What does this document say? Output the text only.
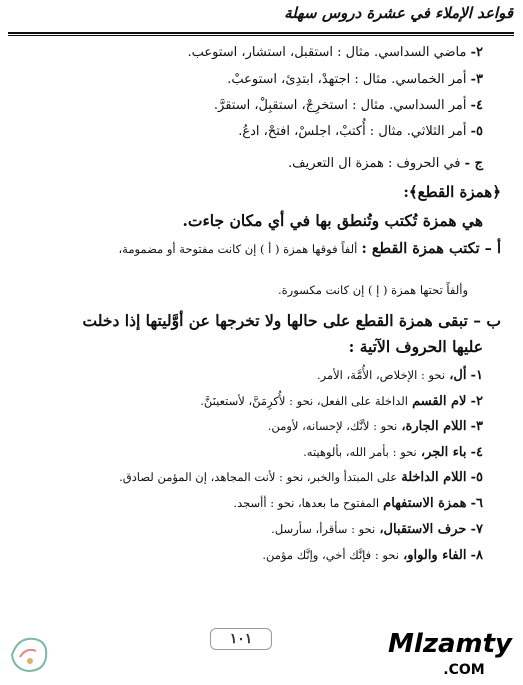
قواعد الإملاء في عشرة دروس سهلة
٢- ماضي السداسي. مثال : استقبل، استشار، استوعب.
٣- أمر الخماسي. مثال : اجتهدْ، ابتدِئ، استوعبْ.
٤- أمر السداسي. مثال : استخرِجْ، استقبِلْ، استقرَّ.
٥- أمر الثلاثي. مثال : أُكتبْ، اجلسْ، افتحْ، ادعُ.
ج - في الحروف : همزة ال التعريف.
﴿همزة القطع﴾:
هي همزة تُكتب وتُنطق بها في أي مكان جاءت.
أ – تكتب همزة القطع : ألفاً فوقها همزة ( أ ) إن كانت مفتوحة أو مضمومة،
وألفاً تحتها همزة ( إ ) إن كانت مكسورة.
ب – تبقى همزة القطع على حالها ولا تخرجها عن أوَّليتها إذا دخلت
عليها الحروف الآتية :
١- أل، نحو : الإخلاص، الأُمَّة، الأمر.
٢- لام القسم الداخلة على الفعل، نحو : لأُكرِمَنَّ، لأستعينَنَّ.
٣- اللام الجارة، نحو : لأنَّك، لإحسانه، لأومن.
٤- باء الجر، نحو : بأمر الله، بألوهيته.
٥- اللام الداخلة على المبتدأ والخبر، نحو : لأنت المجاهد، إن المؤمن لصادق.
٦- همزة الاستفهام المفتوح ما بعدها، نحو : أأسجد.
٧- حرف الاستقبال، نحو : سأقرأ، سأرسل.
٨- الفاء والواو، نحو : فإنَّك أخي، وإنَّك مؤمن.
١٠١	Mlzamty
.COM
